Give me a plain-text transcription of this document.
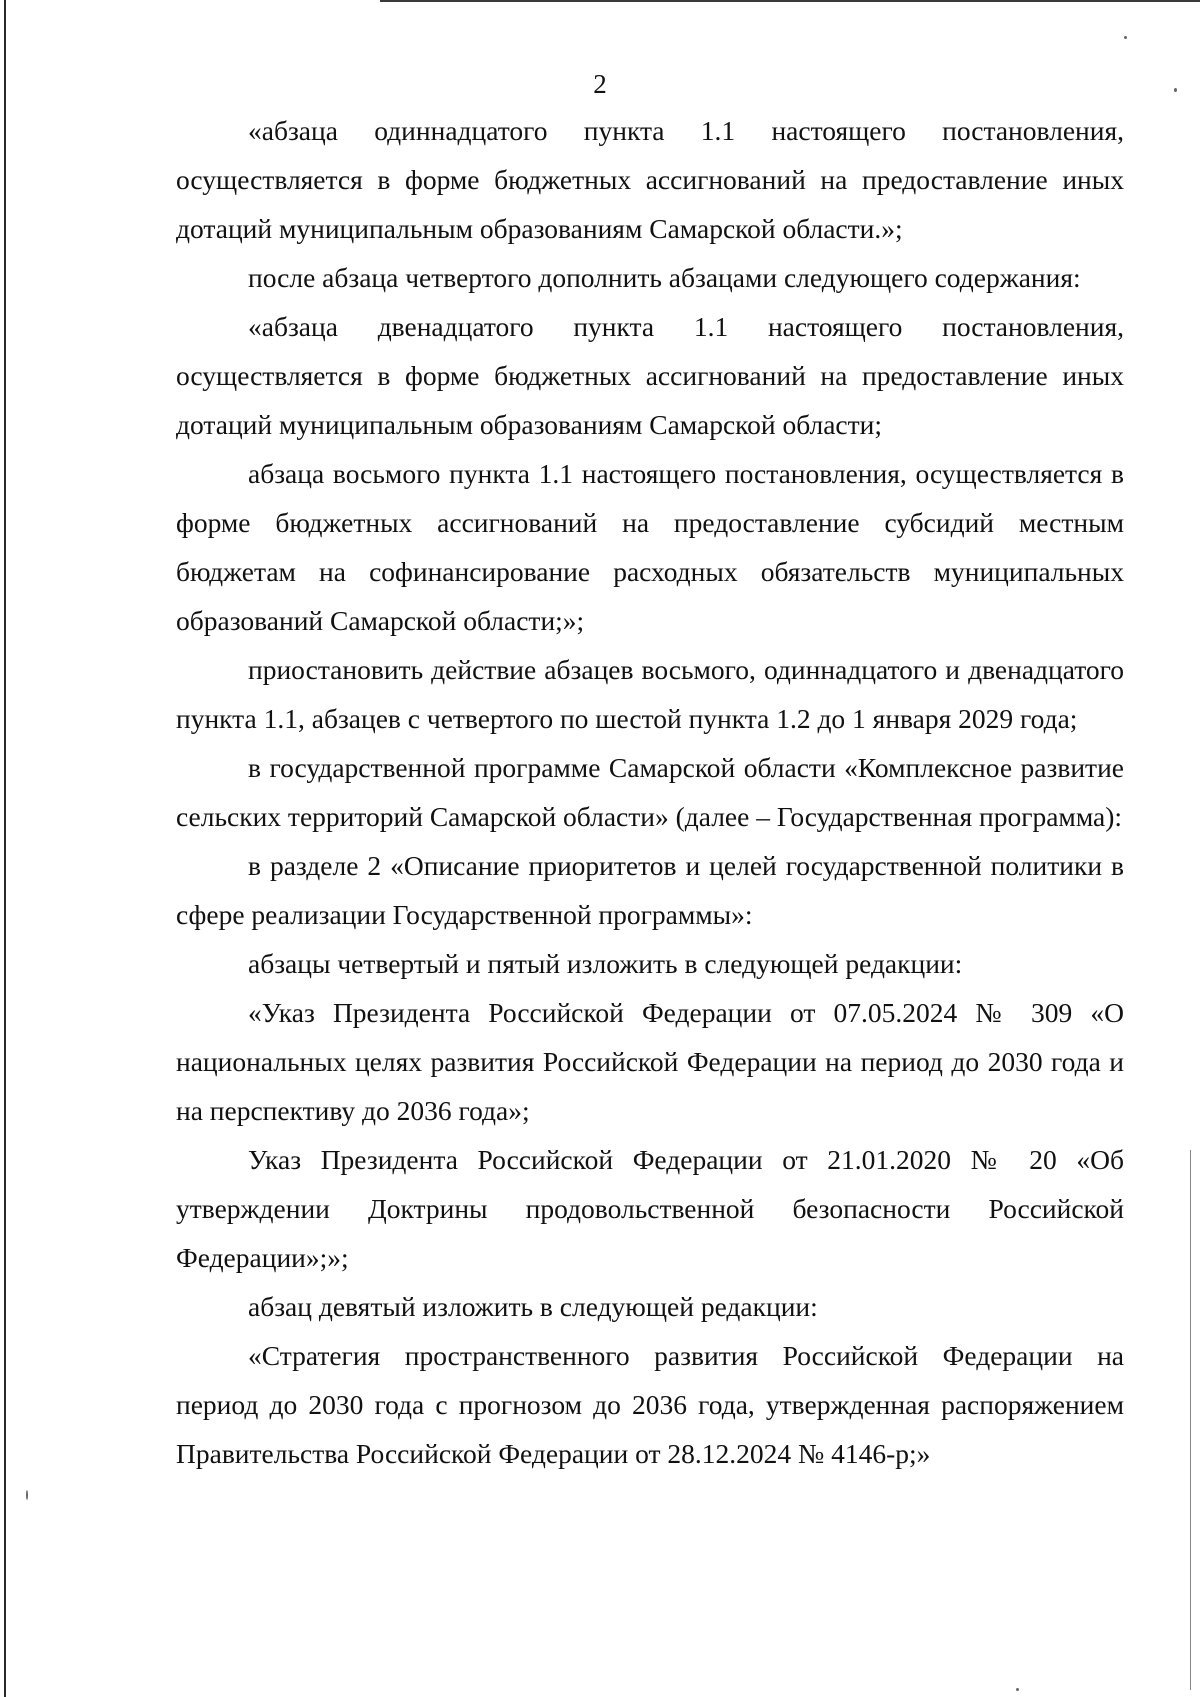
2

«абзаца одиннадцатого пункта 1.1 настоящего постановления, осуществляется в форме бюджетных ассигнований на предоставление иных дотаций муниципальным образованиям Самарской области.»;

после абзаца четвертого дополнить абзацами следующего содержания:

«абзаца двенадцатого пункта 1.1 настоящего постановления, осуществляется в форме бюджетных ассигнований на предоставление иных дотаций муниципальным образованиям Самарской области;

абзаца восьмого пункта 1.1 настоящего постановления, осуществляется в форме бюджетных ассигнований на предоставление субсидий местным бюджетам на софинансирование расходных обязательств муниципальных образований Самарской области;»;

приостановить действие абзацев восьмого, одиннадцатого и двенадцатого пункта 1.1, абзацев с четвертого по шестой пункта 1.2 до 1 января 2029 года;

в государственной программе Самарской области «Комплексное развитие сельских территорий Самарской области» (далее – Государственная программа):

в разделе 2 «Описание приоритетов и целей государственной политики в сфере реализации Государственной программы»:

абзацы четвертый и пятый изложить в следующей редакции:

«Указ Президента Российской Федерации от 07.05.2024 № 309 «О национальных целях развития Российской Федерации на период до 2030 года и на перспективу до 2036 года»;

Указ Президента Российской Федерации от 21.01.2020 № 20 «Об утверждении Доктрины продовольственной безопасности Российской Федерации»;»;

абзац девятый изложить в следующей редакции:

«Стратегия пространственного развития Российской Федерации на период до 2030 года с прогнозом до 2036 года, утвержденная распоряжением Правительства Российской Федерации от 28.12.2024 № 4146-р;»
